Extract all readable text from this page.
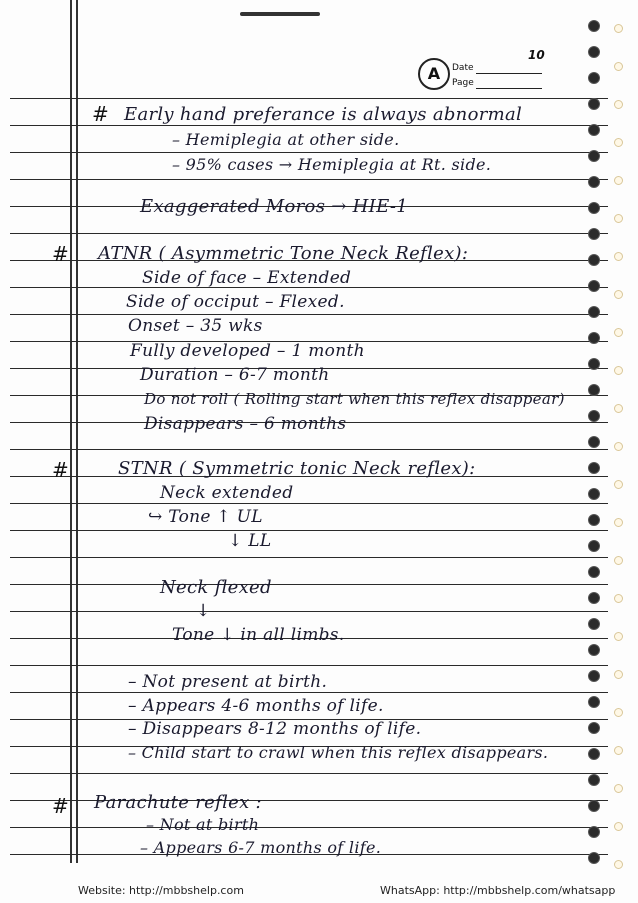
10
A	Date
Page
#
#
#
#
Early hand preferance is always abnormal
– Hemiplegia at other side.
– 95% cases → Hemiplegia at Rt. side.
Exaggerated Moros → HIE-1
ATNR ( Asymmetric Tone Neck Reflex):
Side of face – Extended
Side of occiput – Flexed.
Onset – 35 wks
Fully developed – 1 month
Duration – 6-7 month
Do not roll ( Rolling start when this reflex disappear)
Disappears – 6 months
STNR ( Symmetric tonic Neck reflex):
Neck extended
↪ Tone ↑ UL
↓ LL
Neck flexed
↓
Tone ↓ in all limbs.
– Not present at birth.
– Appears 4-6 months of life.
– Disappears 8-12 months of life.
– Child start to crawl when this reflex disappears.
Parachute reflex :
– Not at birth
– Appears 6-7 months of life.
Website: http://mbbshelp.com	WhatsApp: http://mbbshelp.com/whatsapp
